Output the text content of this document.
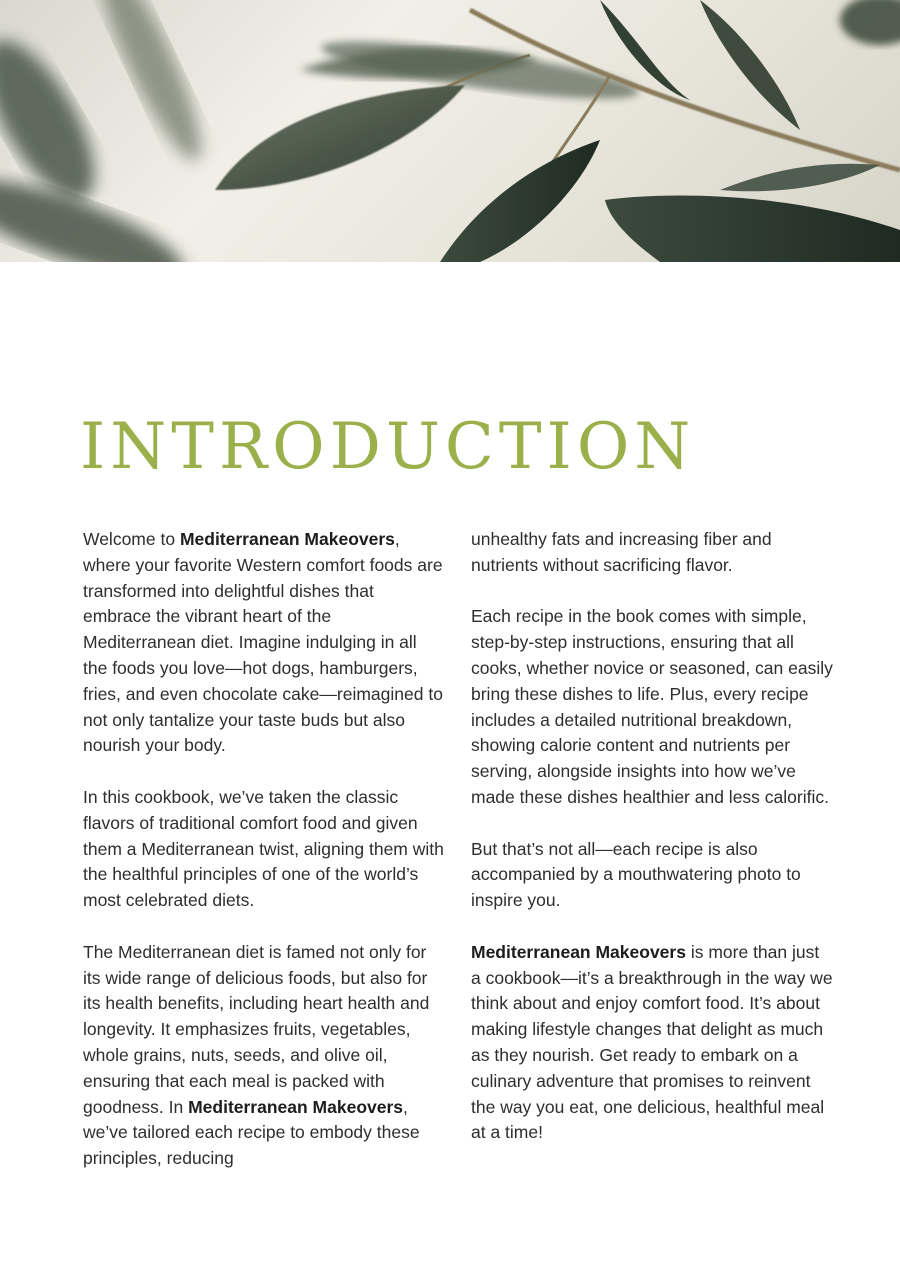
INTRODUCTION

Welcome to Mediterranean Makeovers, where your favorite Western comfort foods are transformed into delightful dishes that embrace the vibrant heart of the Mediterranean diet. Imagine indulging in all the foods you love—hot dogs, hamburgers, fries, and even chocolate cake—reimagined to not only tantalize your taste buds but also nourish your body.

In this cookbook, we’ve taken the classic flavors of traditional comfort food and given them a Mediterranean twist, aligning them with the healthful principles of one of the world’s most celebrated diets.

The Mediterranean diet is famed not only for its wide range of delicious foods, but also for its health benefits, including heart health and longevity. It emphasizes fruits, vegetables, whole grains, nuts, seeds, and olive oil, ensuring that each meal is packed with goodness. In Mediterranean Makeovers, we’ve tailored each recipe to embody these principles, reducing

unhealthy fats and increasing fiber and nutrients without sacrificing flavor.

Each recipe in the book comes with simple, step-by-step instructions, ensuring that all cooks, whether novice or seasoned, can easily bring these dishes to life. Plus, every recipe includes a detailed nutritional breakdown, showing calorie content and nutrients per serving, alongside insights into how we’ve made these dishes healthier and less calorific.

But that’s not all—each recipe is also accompanied by a mouthwatering photo to inspire you.

Mediterranean Makeovers is more than just a cookbook—it’s a breakthrough in the way we think about and enjoy comfort food. It’s about making lifestyle changes that delight as much as they nourish. Get ready to embark on a culinary adventure that promises to reinvent the way you eat, one delicious, healthful meal at a time!
